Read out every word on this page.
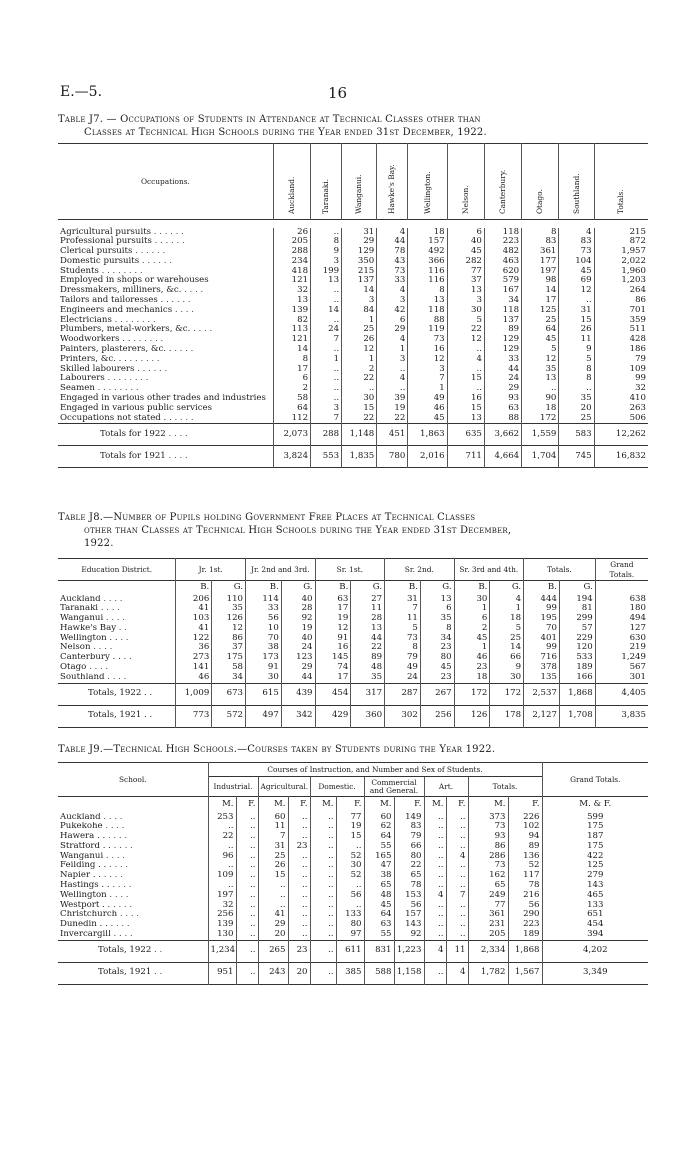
E.—5.	16
Table J7. — Occupations of Students in Attendance at Technical Classes other than
Classes at Technical High Schools during the Year ended 31st December, 1922.
Occupations.	Auckland.	Taranaki.	Wanganui.	Hawke's Bay.	Wellington.	Nelson.	Canterbury.	Otago.	Southland.	Totals.

Agricultural pursuits . . . . . .	26	..	31	4	18	6	118	8	4	215
Professional pursuits . . . . . .	205	8	29	44	157	40	223	83	83	872
Clerical pursuits . . . . . .	288	9	129	78	492	45	482	361	73	1,957
Domestic pursuits . . . . . .	234	3	350	43	366	282	463	177	104	2,022
Students . . . . . . . .	418	199	215	73	116	77	620	197	45	1,960
Employed in shops or warehouses	121	13	137	33	116	37	579	98	69	1,203
Dressmakers, milliners, &c. . . . .	32	..	14	4	8	13	167	14	12	264
Tailors and tailoresses . . . . . .	13	..	3	3	13	3	34	17	..	86
Engineers and mechanics . . . .	139	14	84	42	118	30	118	125	31	701
Electricians . . . . . . . .	82	..	1	6	88	5	137	25	15	359
Plumbers, metal-workers, &c. . . . .	113	24	25	29	119	22	89	64	26	511
Woodworkers . . . . . . . .	121	7	26	4	73	12	129	45	11	428
Painters, plasterers, &c. . . . . .	14	..	12	1	16	..	129	5	9	186
Printers, &c. . . . . . . . .	8	1	1	3	12	4	33	12	5	79
Skilled labourers . . . . . .	17	..	2	..	3	..	44	35	8	109
Labourers . . . . . . . .	6	..	22	4	7	15	24	13	8	99
Seamen . . . . . . . .	2	..	..	..	1	..	29	..	..	32
Engaged in various other trades and industries	58	..	30	39	49	16	93	90	35	410
Engaged in various public services	64	3	15	19	46	15	63	18	20	263
Occupations not stated . . . . . .	112	7	22	22	45	13	88	172	25	506
Totals for 1922 . . . .	2,073	288	1,148	451	1,863	635	3,662	1,559	583	12,262
Totals for 1921 . . . .	3,824	553	1,835	780	2,016	711	4,664	1,704	745	16,832
Table J8.—Number of Pupils holding Government Free Places at Technical Classes
other than Classes at Technical High Schools during the Year ended 31st December,
1922.
Education District.	Jr. 1st.		Jr. 2nd and 3rd.		Sr. 1st.		Sr. 2nd.		Sr. 3rd and 4th.		Totals.		Grand Totals.
	B.	G.	B.	G.	B.	G.	B.	G.	B.	G.	B.	G.	
Auckland . . . .	206	110	114	40	63	27	31	13	30	4	444	194	638
Taranaki . . . .	41	35	33	28	17	11	7	6	1	1	99	81	180
Wanganui . . . .	103	126	56	92	19	28	11	35	6	18	195	299	494
Hawke's Bay . .	41	12	10	19	12	13	5	8	2	5	70	57	127
Wellington . . . .	122	86	70	40	91	44	73	34	45	25	401	229	630
Nelson . . . .	36	37	38	24	16	22	8	23	1	14	99	120	219
Canterbury . . . .	273	175	173	123	145	89	79	80	46	66	716	533	1,249
Otago . . . .	141	58	91	29	74	48	49	45	23	9	378	189	567
Southland . . . .	46	34	30	44	17	35	24	23	18	30	135	166	301
Totals, 1922 . .	1,009	673	615	439	454	317	287	267	172	172	2,537	1,868	4,405
Totals, 1921 . .	773	572	497	342	429	360	302	256	126	178	2,127	1,708	3,835
Table J9.—Technical High Schools.—Courses taken by Students during the Year 1922.
School.	Courses of Instruction, and Number and Sex of Students.												Grand Totals.
	Industrial.		Agricultural.		Domestic.		Commercial and General.		Art.		Totals.		
	M.	F.	M.	F.	M.	F.	M.	F.	M.	F.	M.	F.	M. & F.
Auckland . . . .	253	..	60	..	..	77	60	149	..	..	373	226	599
Pukekohe . . . .	..	..	11	..	..	19	62	83	..	..	73	102	175
Hawera . . . . . .	22	..	7	..	..	15	64	79	..	..	93	94	187
Stratford . . . . . .	..	..	31	23	..	..	55	66	..	..	86	89	175
Wanganui . . . .	96	..	25	..	..	52	165	80	..	4	286	136	422
Feilding . . . . . .	..	..	26	..	..	30	47	22	..	..	73	52	125
Napier . . . . . .	109	..	15	..	..	52	38	65	..	..	162	117	279
Hastings . . . . . .	..	..	..	..	..	..	65	78	..	..	65	78	143
Wellington . . . .	197	..	..	..	..	56	48	153	4	7	249	216	465
Westport . . . . . .	32	..	..	..	..	..	45	56	..	..	77	56	133
Christchurch . . . .	256	..	41	..	..	133	64	157	..	..	361	290	651
Dunedin . . . . . .	139	..	29	..	..	80	63	143	..	..	231	223	454
Invercargill . . . .	130	..	20	..	..	97	55	92	..	..	205	189	394
Totals, 1922 . .	1,234	..	265	23	..	611	831	1,223	4	11	2,334	1,868	4,202
Totals, 1921 . .	951	..	243	20	..	385	588	1,158	..	4	1,782	1,567	3,349
